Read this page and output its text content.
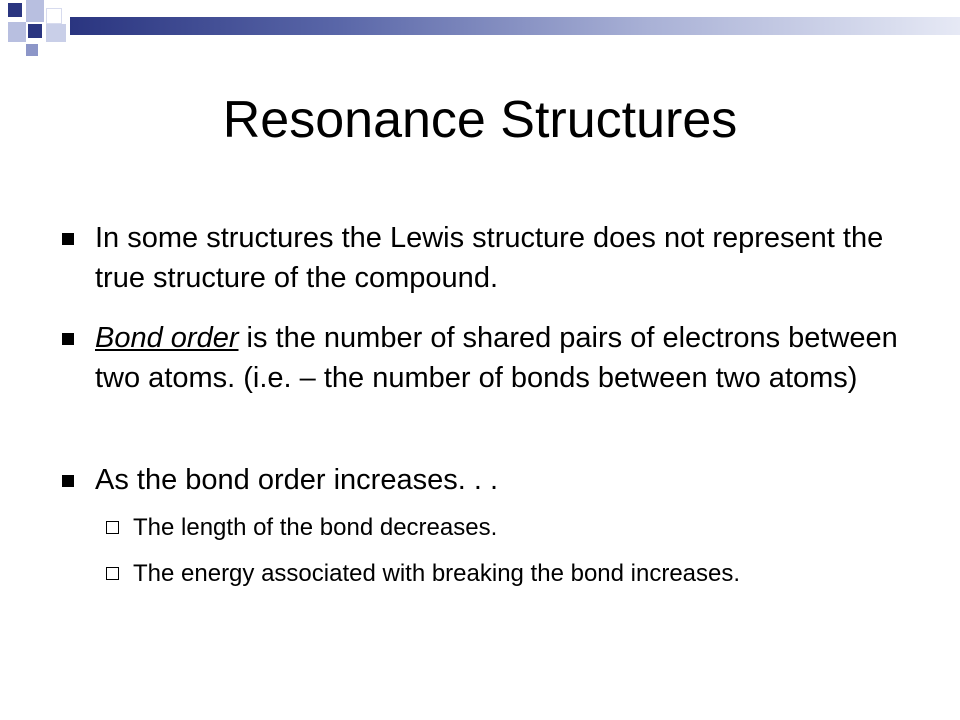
Resonance Structures
In some structures the Lewis structure does not represent the true structure of the compound.
Bond order is the number of shared pairs of electrons between two atoms. (i.e. – the number of bonds between two atoms)
As the bond order increases. . .
The length of the bond decreases.
The energy associated with breaking the bond increases.
